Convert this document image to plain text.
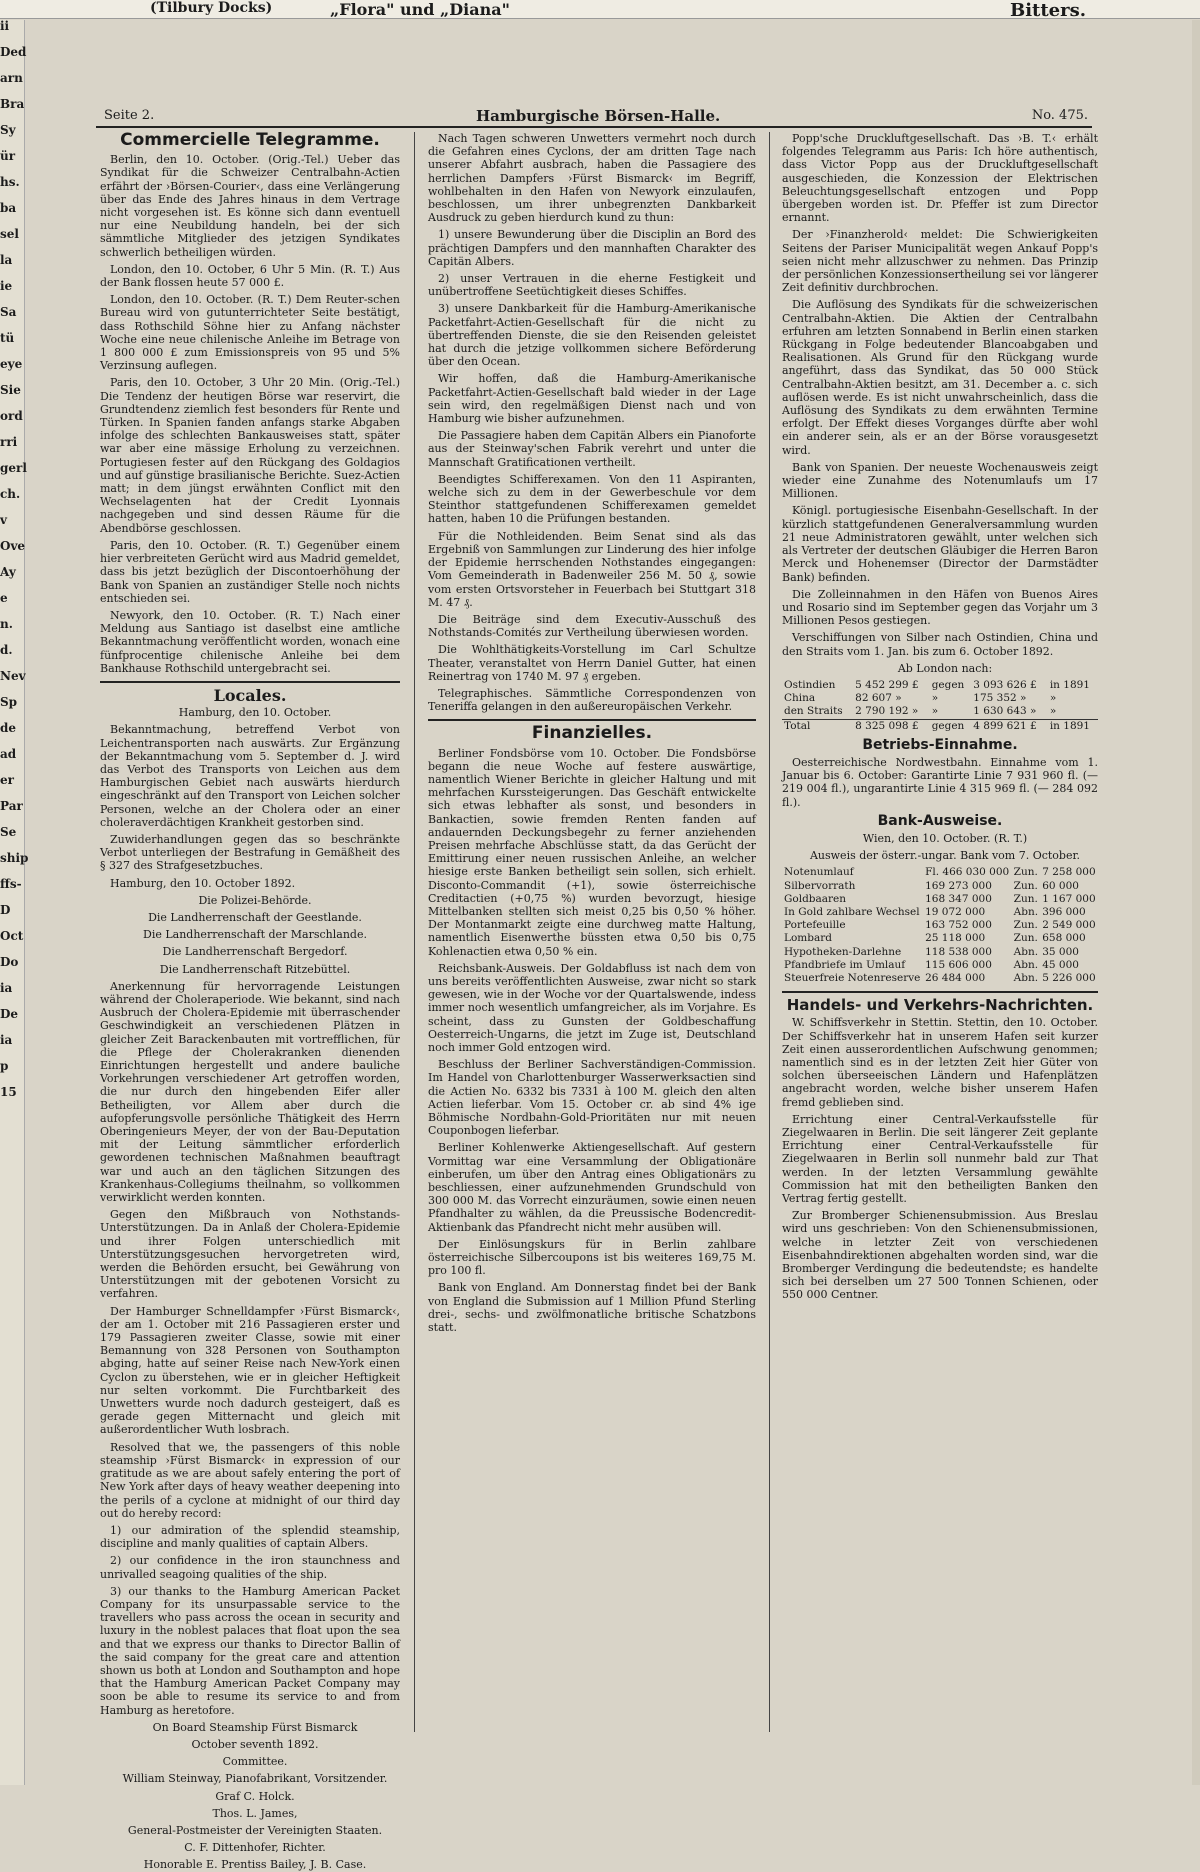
(Tilbury Docks)	„Flora" und „Diana"	Bitters.
ii
Ded
arn
Bra
Sy
ür
hs.
ba
sel
la
ie
Sa
tü
eye
Sie
ord
rri
gerl
ch.
v
Ove
Ay
e
n.
d.
Nev
Sp
de
ad
er
Par
Se
ship
ffs-
D
Oct
Do
ia
De
ia
p
15
Seite 2.	Hamburgische Börsen-Halle.	No. 475.
Commercielle Telegramme.

Berlin, den 10. October. (Orig.-Tel.) Ueber das Syndikat für die Schweizer Centralbahn-Actien erfährt der ›Börsen-Courier‹, dass eine Verlängerung über das Ende des Jahres hinaus in dem Vertrage nicht vorgesehen ist. Es könne sich dann eventuell nur eine Neubildung handeln, bei der sich sämmtliche Mitglieder des jetzigen Syndikates schwerlich betheiligen würden.

London, den 10. October, 6 Uhr 5 Min. (R. T.) Aus der Bank flossen heute 57 000 £.

London, den 10. October. (R. T.) Dem Reuter-schen Bureau wird von gutunterrichteter Seite bestätigt, dass Rothschild Söhne hier zu Anfang nächster Woche eine neue chilenische Anleihe im Betrage von 1 800 000 £ zum Emissionspreis von 95 und 5% Verzinsung auflegen.

Paris, den 10. October, 3 Uhr 20 Min. (Orig.-Tel.) Die Tendenz der heutigen Börse war reservirt, die Grundtendenz ziemlich fest besonders für Rente und Türken. In Spanien fanden anfangs starke Abgaben infolge des schlechten Bankausweises statt, später war aber eine mässige Erholung zu verzeichnen. Portugiesen fester auf den Rückgang des Goldagios und auf günstige brasilianische Berichte. Suez-Actien matt; in dem jüngst erwähnten Conflict mit den Wechselagenten hat der Credit Lyonnais nachgegeben und sind dessen Räume für die Abendbörse geschlossen.

Paris, den 10. October. (R. T.) Gegenüber einem hier verbreiteten Gerücht wird aus Madrid gemeldet, dass bis jetzt bezüglich der Discontoerhöhung der Bank von Spanien an zuständiger Stelle noch nichts entschieden sei.

Newyork, den 10. October. (R. T.) Nach einer Meldung aus Santiago ist daselbst eine amtliche Bekanntmachung veröffentlicht worden, wonach eine fünfprocentige chilenische Anleihe bei dem Bankhause Rothschild untergebracht sei.

Locales.

Hamburg, den 10. October.

Bekanntmachung, betreffend Verbot von Leichentransporten nach auswärts. Zur Ergänzung der Bekanntmachung vom 5. September d. J. wird das Verbot des Transports von Leichen aus dem Hamburgischen Gebiet nach auswärts hierdurch eingeschränkt auf den Transport von Leichen solcher Personen, welche an der Cholera oder an einer choleraverdächtigen Krankheit gestorben sind.

Zuwiderhandlungen gegen das so beschränkte Verbot unterliegen der Bestrafung in Gemäßheit des § 327 des Strafgesetzbuches.

Hamburg, den 10. October 1892.

Die Polizei-Behörde.

Die Landherrenschaft der Geestlande.

Die Landherrenschaft der Marschlande.

Die Landherrenschaft Bergedorf.

Die Landherrenschaft Ritzebüttel.

Anerkennung für hervorragende Leistungen während der Choleraperiode. Wie bekannt, sind nach Ausbruch der Cholera-Epidemie mit überraschender Geschwindigkeit an verschiedenen Plätzen in gleicher Zeit Barackenbauten mit vortrefflichen, für die Pflege der Cholerakranken dienenden Einrichtungen hergestellt und andere bauliche Vorkehrungen verschiedener Art getroffen worden, die nur durch den hingebenden Eifer aller Betheiligten, vor Allem aber durch die aufopferungsvolle persönliche Thätigkeit des Herrn Oberingenieurs Meyer, der von der Bau-Deputation mit der Leitung sämmtlicher erforderlich gewordenen technischen Maßnahmen beauftragt war und auch an den täglichen Sitzungen des Krankenhaus-Collegiums theilnahm, so vollkommen verwirklicht werden konnten.

Gegen den Mißbrauch von Nothstands-Unterstützungen. Da in Anlaß der Cholera-Epidemie und ihrer Folgen unterschiedlich mit Unterstützungsgesuchen hervorgetreten wird, werden die Behörden ersucht, bei Gewährung von Unterstützungen mit der gebotenen Vorsicht zu verfahren.

Der Hamburger Schnelldampfer ›Fürst Bismarck‹, der am 1. October mit 216 Passagieren erster und 179 Passagieren zweiter Classe, sowie mit einer Bemannung von 328 Personen von Southampton abging, hatte auf seiner Reise nach New-York einen Cyclon zu überstehen, wie er in gleicher Heftigkeit nur selten vorkommt. Die Furchtbarkeit des Unwetters wurde noch dadurch gesteigert, daß es gerade gegen Mitternacht und gleich mit außerordentlicher Wuth losbrach.

Resolved that we, the passengers of this noble steamship ›Fürst Bismarck‹ in expression of our gratitude as we are about safely entering the port of New York after days of heavy weather deepening into the perils of a cyclone at midnight of our third day out do hereby record:

1) our admiration of the splendid steamship, discipline and manly qualities of captain Albers.

2) our confidence in the iron staunchness and unrivalled seagoing qualities of the ship.

3) our thanks to the Hamburg American Packet Company for its unsurpassable service to the travellers who pass across the ocean in security and luxury in the noblest palaces that float upon the sea and that we express our thanks to Director Ballin of the said company for the great care and attention shown us both at London and Southampton and hope that the Hamburg American Packet Company may soon be able to resume its service to and from Hamburg as heretofore.

On Board Steamship Fürst Bismarck

October seventh 1892.

Committee.

William Steinway, Pianofabrikant, Vorsitzender.

Graf C. Holck.

Thos. L. James,

General-Postmeister der Vereinigten Staaten.

C. F. Dittenhofer, Richter.

Honorable E. Prentiss Bailey, J. B. Case.

Nach Tagen schweren Unwetters vermehrt noch durch die Gefahren eines Cyclons, der am dritten Tage nach unserer Abfahrt ausbrach, haben die Passagiere des herrlichen Dampfers ›Fürst Bismarck‹ im Begriff, wohlbehalten in den Hafen von Newyork einzulaufen, beschlossen, um ihrer unbegrenzten Dankbarkeit Ausdruck zu geben hierdurch kund zu thun:

1) unsere Bewunderung über die Disciplin an Bord des prächtigen Dampfers und den mannhaften Charakter des Capitän Albers.

2) unser Vertrauen in die eherne Festigkeit und unübertroffene Seetüchtigkeit dieses Schiffes.

3) unsere Dankbarkeit für die Hamburg-Amerikanische Packetfahrt-Actien-Gesellschaft für die nicht zu übertreffenden Dienste, die sie den Reisenden geleistet hat durch die jetzige vollkommen sichere Beförderung über den Ocean.

Wir hoffen, daß die Hamburg-Amerikanische Packetfahrt-Actien-Gesellschaft bald wieder in der Lage sein wird, den regelmäßigen Dienst nach und von Hamburg wie bisher aufzunehmen.

Die Passagiere haben dem Capitän Albers ein Pianoforte aus der Steinway'schen Fabrik verehrt und unter die Mannschaft Gratificationen vertheilt.

Beendigtes Schifferexamen. Von den 11 Aspiranten, welche sich zu dem in der Gewerbeschule vor dem Steinthor stattgefundenen Schifferexamen gemeldet hatten, haben 10 die Prüfungen bestanden.

Für die Nothleidenden. Beim Senat sind als das Ergebniß von Sammlungen zur Linderung des hier infolge der Epidemie herrschenden Nothstandes eingegangen: Vom Gemeinderath in Badenweiler 256 M. 50 ₰, sowie vom ersten Ortsvorsteher in Feuerbach bei Stuttgart 318 M. 47 ₰.

Die Beiträge sind dem Executiv-Ausschuß des Nothstands-Comités zur Vertheilung überwiesen worden.

Die Wohlthätigkeits-Vorstellung im Carl Schultze Theater, veranstaltet von Herrn Daniel Gutter, hat einen Reinertrag von 1740 M. 97 ₰ ergeben.

Telegraphisches. Sämmtliche Correspondenzen von Teneriffa gelangen in den außereuropäischen Verkehr.

Finanzielles.

Berliner Fondsbörse vom 10. October. Die Fondsbörse begann die neue Woche auf festere auswärtige, namentlich Wiener Berichte in gleicher Haltung und mit mehrfachen Kurssteigerungen. Das Geschäft entwickelte sich etwas lebhafter als sonst, und besonders in Bankactien, sowie fremden Renten fanden auf andauernden Deckungsbegehr zu ferner anziehenden Preisen mehrfache Abschlüsse statt, da das Gerücht der Emittirung einer neuen russischen Anleihe, an welcher hiesige erste Banken betheiligt sein sollen, sich erhielt. Disconto-Commandit (+1), sowie österreichische Creditactien (+0,75 %) wurden bevorzugt, hiesige Mittelbanken stellten sich meist 0,25 bis 0,50 % höher. Der Montanmarkt zeigte eine durchweg matte Haltung, namentlich Eisenwerthe büssten etwa 0,50 bis 0,75 Kohlenactien etwa 0,50 % ein.

Reichsbank-Ausweis. Der Goldabfluss ist nach dem von uns bereits veröffentlichten Ausweise, zwar nicht so stark gewesen, wie in der Woche vor der Quartalswende, indess immer noch wesentlich umfangreicher, als im Vorjahre. Es scheint, dass zu Gunsten der Goldbeschaffung Oesterreich-Ungarns, die jetzt im Zuge ist, Deutschland noch immer Gold entzogen wird.

Beschluss der Berliner Sachverständigen-Commission. Im Handel von Charlottenburger Wasserwerksactien sind die Actien No. 6332 bis 7331 à 100 M. gleich den alten Actien lieferbar. Vom 15. October cr. ab sind 4% ige Böhmische Nordbahn-Gold-Prioritäten nur mit neuen Couponbogen lieferbar.

Berliner Kohlenwerke Aktiengesellschaft. Auf gestern Vormittag war eine Versammlung der Obligationäre einberufen, um über den Antrag eines Obligationärs zu beschliessen, einer aufzunehmenden Grundschuld von 300 000 M. das Vorrecht einzuräumen, sowie einen neuen Pfandhalter zu wählen, da die Preussische Bodencredit-Aktienbank das Pfandrecht nicht mehr ausüben will.

Der Einlösungskurs für in Berlin zahlbare österreichische Silbercoupons ist bis weiteres 169,75 M. pro 100 fl.

Bank von England. Am Donnerstag findet bei der Bank von England die Submission auf 1 Million Pfund Sterling drei-, sechs- und zwölfmonatliche britische Schatzbons statt.

Popp'sche Druckluftgesellschaft. Das ›B. T.‹ erhält folgendes Telegramm aus Paris: Ich höre authentisch, dass Victor Popp aus der Druckluftgesellschaft ausgeschieden, die Konzession der Elektrischen Beleuchtungsgesellschaft entzogen und Popp übergeben worden ist. Dr. Pfeffer ist zum Director ernannt.

Der ›Finanzherold‹ meldet: Die Schwierigkeiten Seitens der Pariser Municipalität wegen Ankauf Popp's seien nicht mehr allzuschwer zu nehmen. Das Prinzip der persönlichen Konzessionsertheilung sei vor längerer Zeit definitiv durchbrochen.

Die Auflösung des Syndikats für die schweizerischen Centralbahn-Aktien. Die Aktien der Centralbahn erfuhren am letzten Sonnabend in Berlin einen starken Rückgang in Folge bedeutender Blancoabgaben und Realisationen. Als Grund für den Rückgang wurde angeführt, dass das Syndikat, das 50 000 Stück Centralbahn-Aktien besitzt, am 31. December a. c. sich auflösen werde. Es ist nicht unwahrscheinlich, dass die Auflösung des Syndikats zu dem erwähnten Termine erfolgt. Der Effekt dieses Vorganges dürfte aber wohl ein anderer sein, als er an der Börse vorausgesetzt wird.

Bank von Spanien. Der neueste Wochenausweis zeigt wieder eine Zunahme des Notenumlaufs um 17 Millionen.

Königl. portugiesische Eisenbahn-Gesellschaft. In der kürzlich stattgefundenen Generalversammlung wurden 21 neue Administratoren gewählt, unter welchen sich als Vertreter der deutschen Gläubiger die Herren Baron Merck und Hohenemser (Director der Darmstädter Bank) befinden.

Die Zolleinnahmen in den Häfen von Buenos Aires und Rosario sind im September gegen das Vorjahr um 3 Millionen Pesos gestiegen.

Verschiffungen von Silber nach Ostindien, China und den Straits vom 1. Jan. bis zum 6. October 1892.

Ab London nach:

Ostindien	5 452 299 £	gegen	3 093 626 £	in 1891
China	82 607 »	»	175 352 »	»
den Straits	2 790 192 »	»	1 630 643 »	»
Total	8 325 098 £	gegen	4 899 621 £	in 1891
Betriebs-Einnahme.

Oesterreichische Nordwestbahn. Einnahme vom 1. Januar bis 6. October: Garantirte Linie 7 931 960 fl. (— 219 004 fl.), ungarantirte Linie 4 315 969 fl. (— 284 092 fl.).

Bank-Ausweise.

Wien, den 10. October. (R. T.)

Ausweis der österr.-ungar. Bank vom 7. October.

Notenumlauf	Fl. 466 030 000	Zun.	7 258 000
Silbervorrath	169 273 000	Zun.	60 000
Goldbaaren	168 347 000	Zun.	1 167 000
In Gold zahlbare Wechsel	19 072 000	Abn.	396 000
Portefeuille	163 752 000	Zun.	2 549 000
Lombard	25 118 000	Zun.	658 000
Hypotheken-Darlehne	118 538 000	Abn.	35 000
Pfandbriefe im Umlauf	115 606 000	Abn.	45 000
Steuerfreie Notenreserve	26 484 000	Abn.	5 226 000
Handels- und Verkehrs-Nachrichten.

W. Schiffsverkehr in Stettin. Stettin, den 10. October. Der Schiffsverkehr hat in unserem Hafen seit kurzer Zeit einen ausserordentlichen Aufschwung genommen; namentlich sind es in der letzten Zeit hier Güter von solchen überseeischen Ländern und Hafenplätzen angebracht worden, welche bisher unserem Hafen fremd geblieben sind.

Errichtung einer Central-Verkaufsstelle für Ziegelwaaren in Berlin. Die seit längerer Zeit geplante Errichtung einer Central-Verkaufsstelle für Ziegelwaaren in Berlin soll nunmehr bald zur That werden. In der letzten Versammlung gewählte Commission hat mit den betheiligten Banken den Vertrag fertig gestellt.

Zur Bromberger Schienensubmission. Aus Breslau wird uns geschrieben: Von den Schienensubmissionen, welche in letzter Zeit von verschiedenen Eisenbahndirektionen abgehalten worden sind, war die Bromberger Verdingung die bedeutendste; es handelte sich bei derselben um 27 500 Tonnen Schienen, oder 550 000 Centner.
